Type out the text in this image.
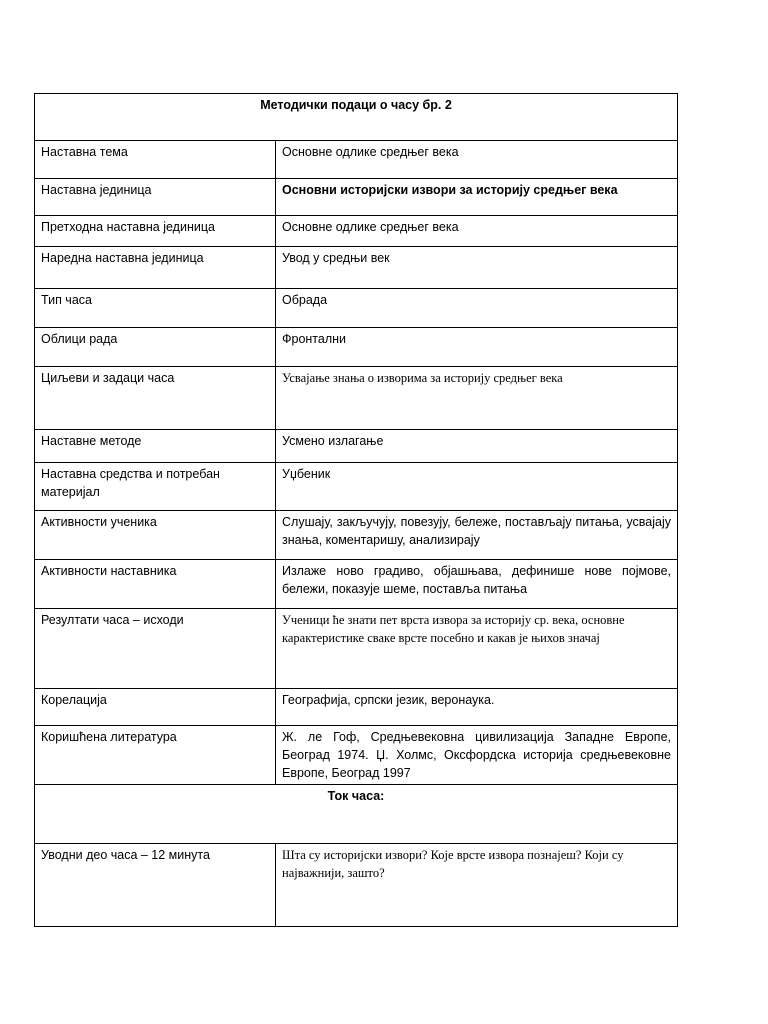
Методички подаци о часу бр. 2	
Наставна тема	Основне одлике средњег века
Наставна јединица	Основни историјски извори за историју средњег века
Претходна наставна јединица	Основне одлике средњег века
Наредна наставна јединица	Увод у средњи век
Тип часа	Обрада
Облици рада	Фронтални
Циљеви и задаци часа	Усвајање знања о изворима за историју средњег века
Наставне методе	Усмено излагање
Наставна средства и потребан материјал	Уџбеник
Активности ученика	Слушају, закључују, повезују, бележе, постављају питања, усвајају знања, коментаришу, анализирају
Активности наставника	Излаже ново градиво, објашњава, дефинише нове појмове, бележи, показује шеме, поставља питања
Резултати часа – исходи	Ученици ће знати пет врста извора за историју ср. века, основне карактеристике сваке врсте посебно и какав је њихов значај
Корелација	Географија, српски језик, веронаука.
Коришћена литература	Ж. ле Гоф, Средњевековна цивилизација Западне Европе, Београд 1974. Џ. Холмс, Оксфордска историја средњевековне Европе, Београд 1997
Ток часа:	
Уводни део часа – 12 минута	Шта су историјски извори? Које врсте извора познајеш? Који су најважнији, зашто?
